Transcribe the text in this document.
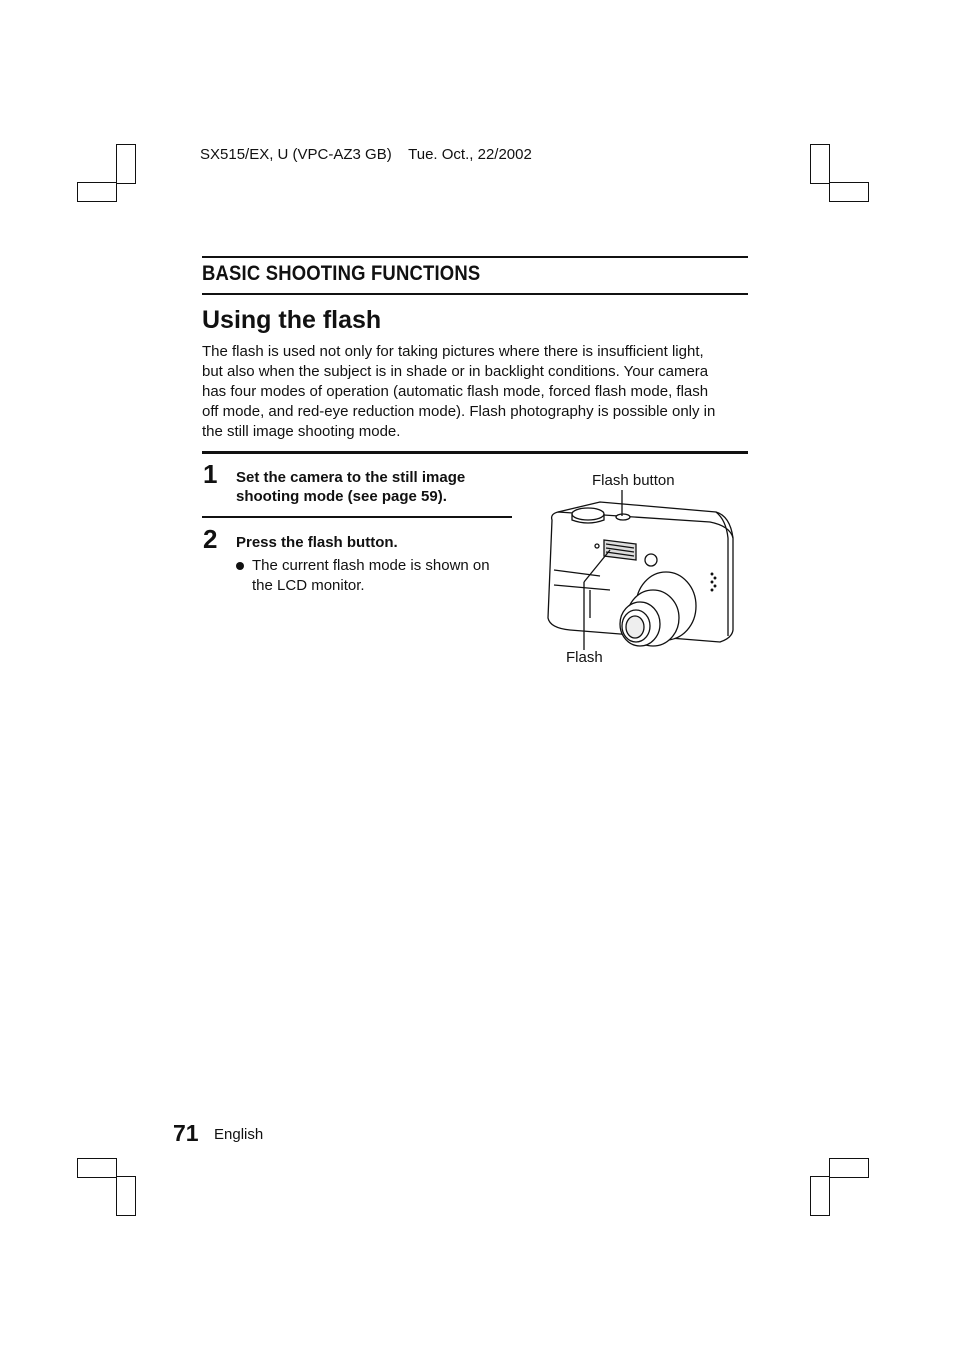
SX515/EX, U (VPC-AZ3 GB) Tue. Oct., 22/2002
BASIC SHOOTING FUNCTIONS
Using the flash
The flash is used not only for taking pictures where there is insufficient light,
but also when the subject is in shade or in backlight conditions. Your camera
has four modes of operation (automatic flash mode, forced flash mode, flash
off mode, and red-eye reduction mode). Flash photography is possible only in
the still image shooting mode.
1 Set the camera to the still image
shooting mode (see page 59).
2 Press the flash button.
The current flash mode is shown on
the LCD monitor.
Flash button
Flash
71 English
